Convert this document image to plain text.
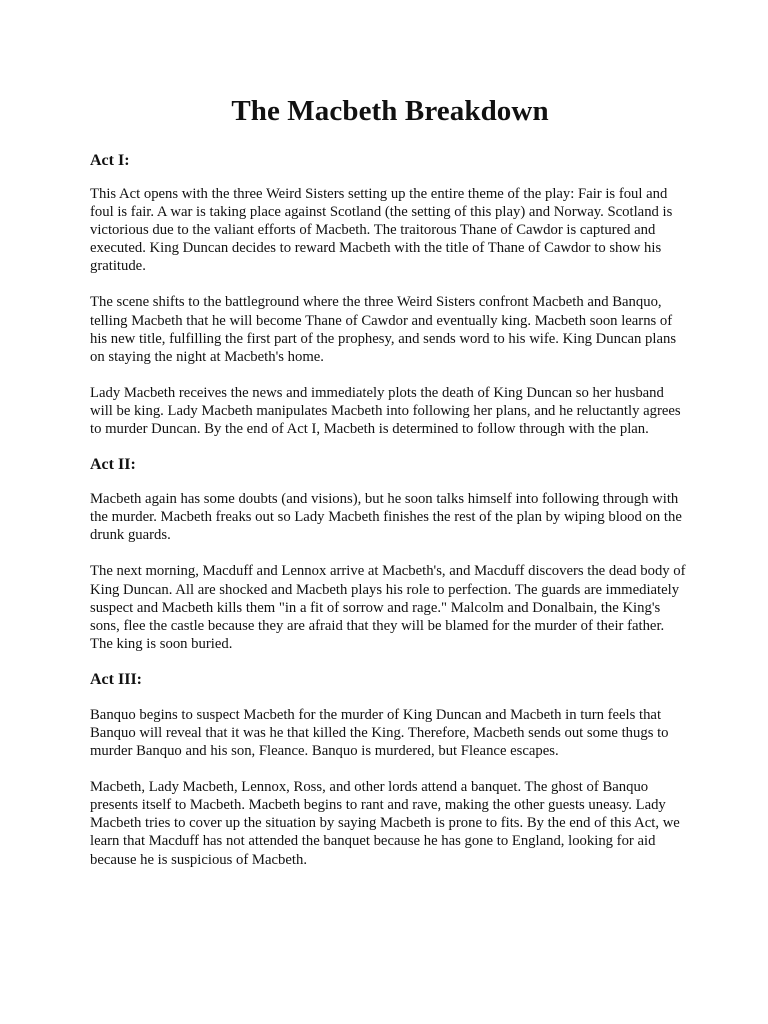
The Macbeth Breakdown
Act I:

This Act opens with the three Weird Sisters setting up the entire theme of the play: Fair is foul and foul is fair. A war is taking place against Scotland (the setting of this play) and Norway. Scotland is victorious due to the valiant efforts of Macbeth. The traitorous Thane of Cawdor is captured and executed. King Duncan decides to reward Macbeth with the title of Thane of Cawdor to show his gratitude.

The scene shifts to the battleground where the three Weird Sisters confront Macbeth and Banquo, telling Macbeth that he will become Thane of Cawdor and eventually king. Macbeth soon learns of his new title, fulfilling the first part of the prophesy, and sends word to his wife. King Duncan plans on staying the night at Macbeth's home.

Lady Macbeth receives the news and immediately plots the death of King Duncan so her husband will be king. Lady Macbeth manipulates Macbeth into following her plans, and he reluctantly agrees to murder Duncan. By the end of Act I, Macbeth is determined to follow through with the plan.

Act II:

Macbeth again has some doubts (and visions), but he soon talks himself into following through with the murder. Macbeth freaks out so Lady Macbeth finishes the rest of the plan by wiping blood on the drunk guards.

The next morning, Macduff and Lennox arrive at Macbeth's, and Macduff discovers the dead body of King Duncan. All are shocked and Macbeth plays his role to perfection. The guards are immediately suspect and Macbeth kills them "in a fit of sorrow and rage." Malcolm and Donalbain, the King's sons, flee the castle because they are afraid that they will be blamed for the murder of their father. The king is soon buried.

Act III:

Banquo begins to suspect Macbeth for the murder of King Duncan and Macbeth in turn feels that Banquo will reveal that it was he that killed the King. Therefore, Macbeth sends out some thugs to murder Banquo and his son, Fleance. Banquo is murdered, but Fleance escapes.

Macbeth, Lady Macbeth, Lennox, Ross, and other lords attend a banquet. The ghost of Banquo presents itself to Macbeth. Macbeth begins to rant and rave, making the other guests uneasy. Lady Macbeth tries to cover up the situation by saying Macbeth is prone to fits. By the end of this Act, we learn that Macduff has not attended the banquet because he has gone to England, looking for aid because he is suspicious of Macbeth.
